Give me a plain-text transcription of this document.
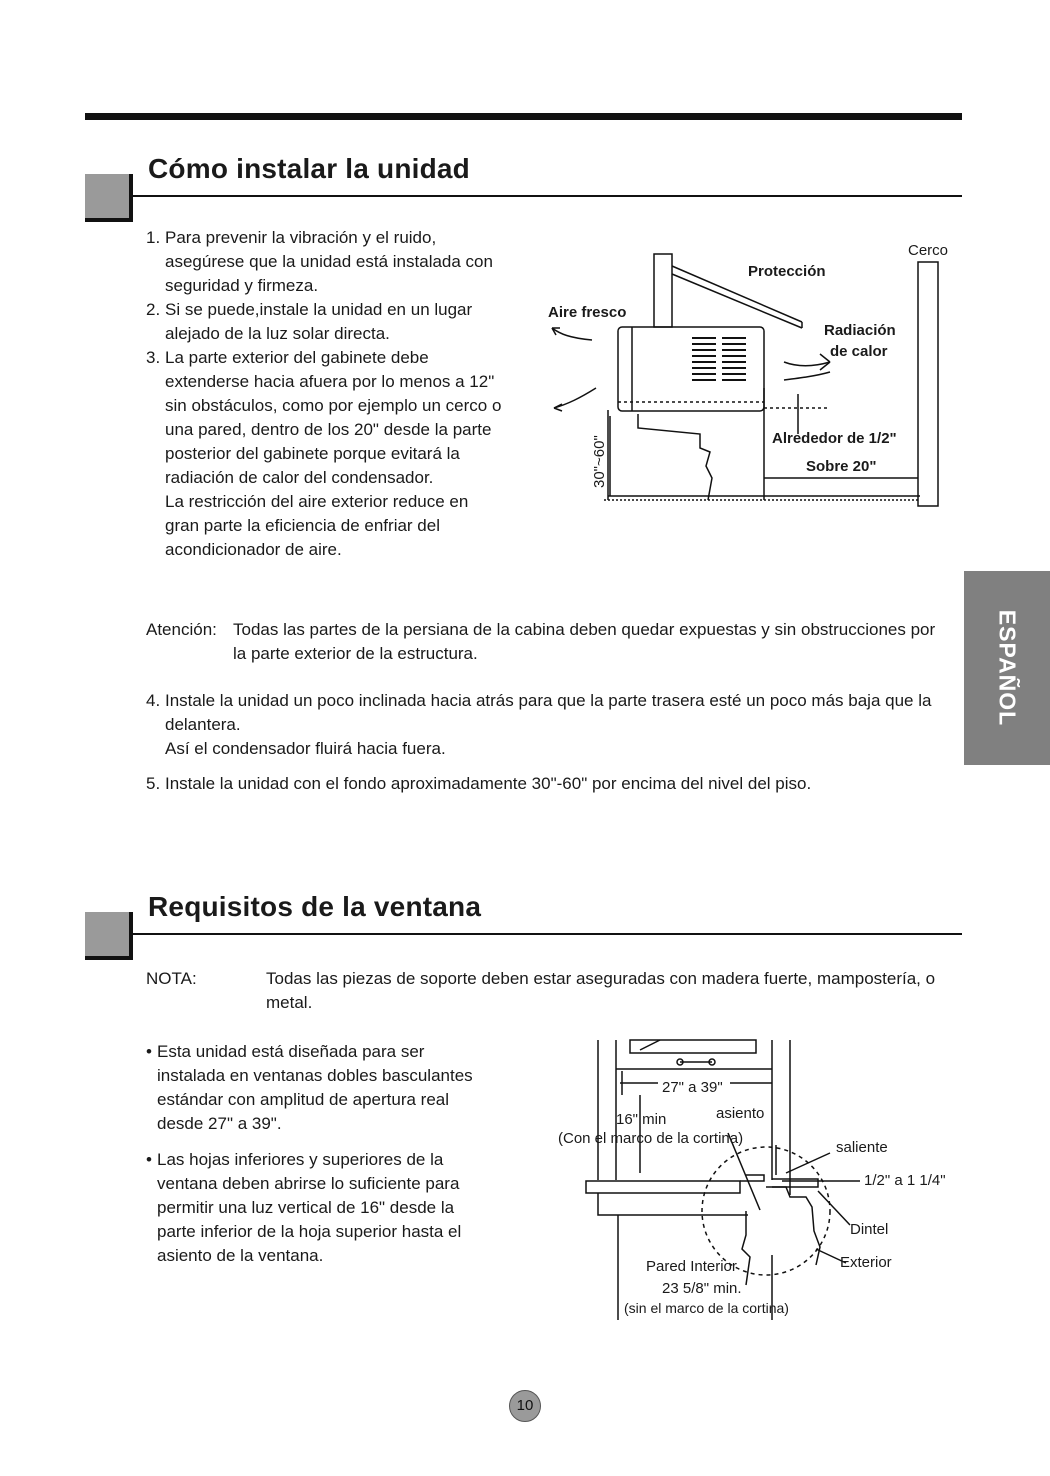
Cómo instalar la unidad
1. Para prevenir la vibración y el ruido, asegúrese que la unidad está instalada con seguridad y firmeza.
2. Si se puede,instale la unidad en un lugar alejado de la luz solar directa.
3. La parte exterior del gabinete debe extenderse hacia afuera por lo menos a 12" sin obstáculos, como por ejemplo un cerco o una pared, dentro de los 20" desde la parte posterior del gabinete porque evitará la radiación de calor del condensador.
La restricción del aire exterior reduce en gran parte la eficiencia de enfriar del acondicionador de aire.
Cerco
Protección
Aire fresco
Radiación
de calor
Alrededor de 1/2"
Sobre 20"
30"~60"
Atención: Todas las partes de la persiana de la cabina deben quedar expuestas y sin obstrucciones por la parte exterior de la estructura.
4. Instale la unidad un poco inclinada hacia atrás para que la parte trasera esté un poco más baja que la delantera.
Así el condensador fluirá hacia fuera.
5. Instale la unidad con el fondo aproximadamente 30"-60" por encima del nivel del piso.
ESPAÑOL
Requisitos de la ventana
NOTA:	Todas las piezas de soporte deben estar aseguradas con madera fuerte, mampostería, o metal.
• Esta unidad está diseñada para ser instalada en ventanas dobles basculantes estándar con amplitud de apertura real desde 27" a 39".
• Las hojas inferiores y superiores de la ventana deben abrirse lo suficiente para permitir una luz vertical de 16" desde la parte inferior de la hoja superior hasta el asiento de la ventana.
27" a 39"
asiento
16" min
(Con el marco de la cortina)
saliente
1/2" a 1 1/4"
Dintel
Exterior
Pared Interior
23 5/8" min.
(sin el marco de la cortina)
10
